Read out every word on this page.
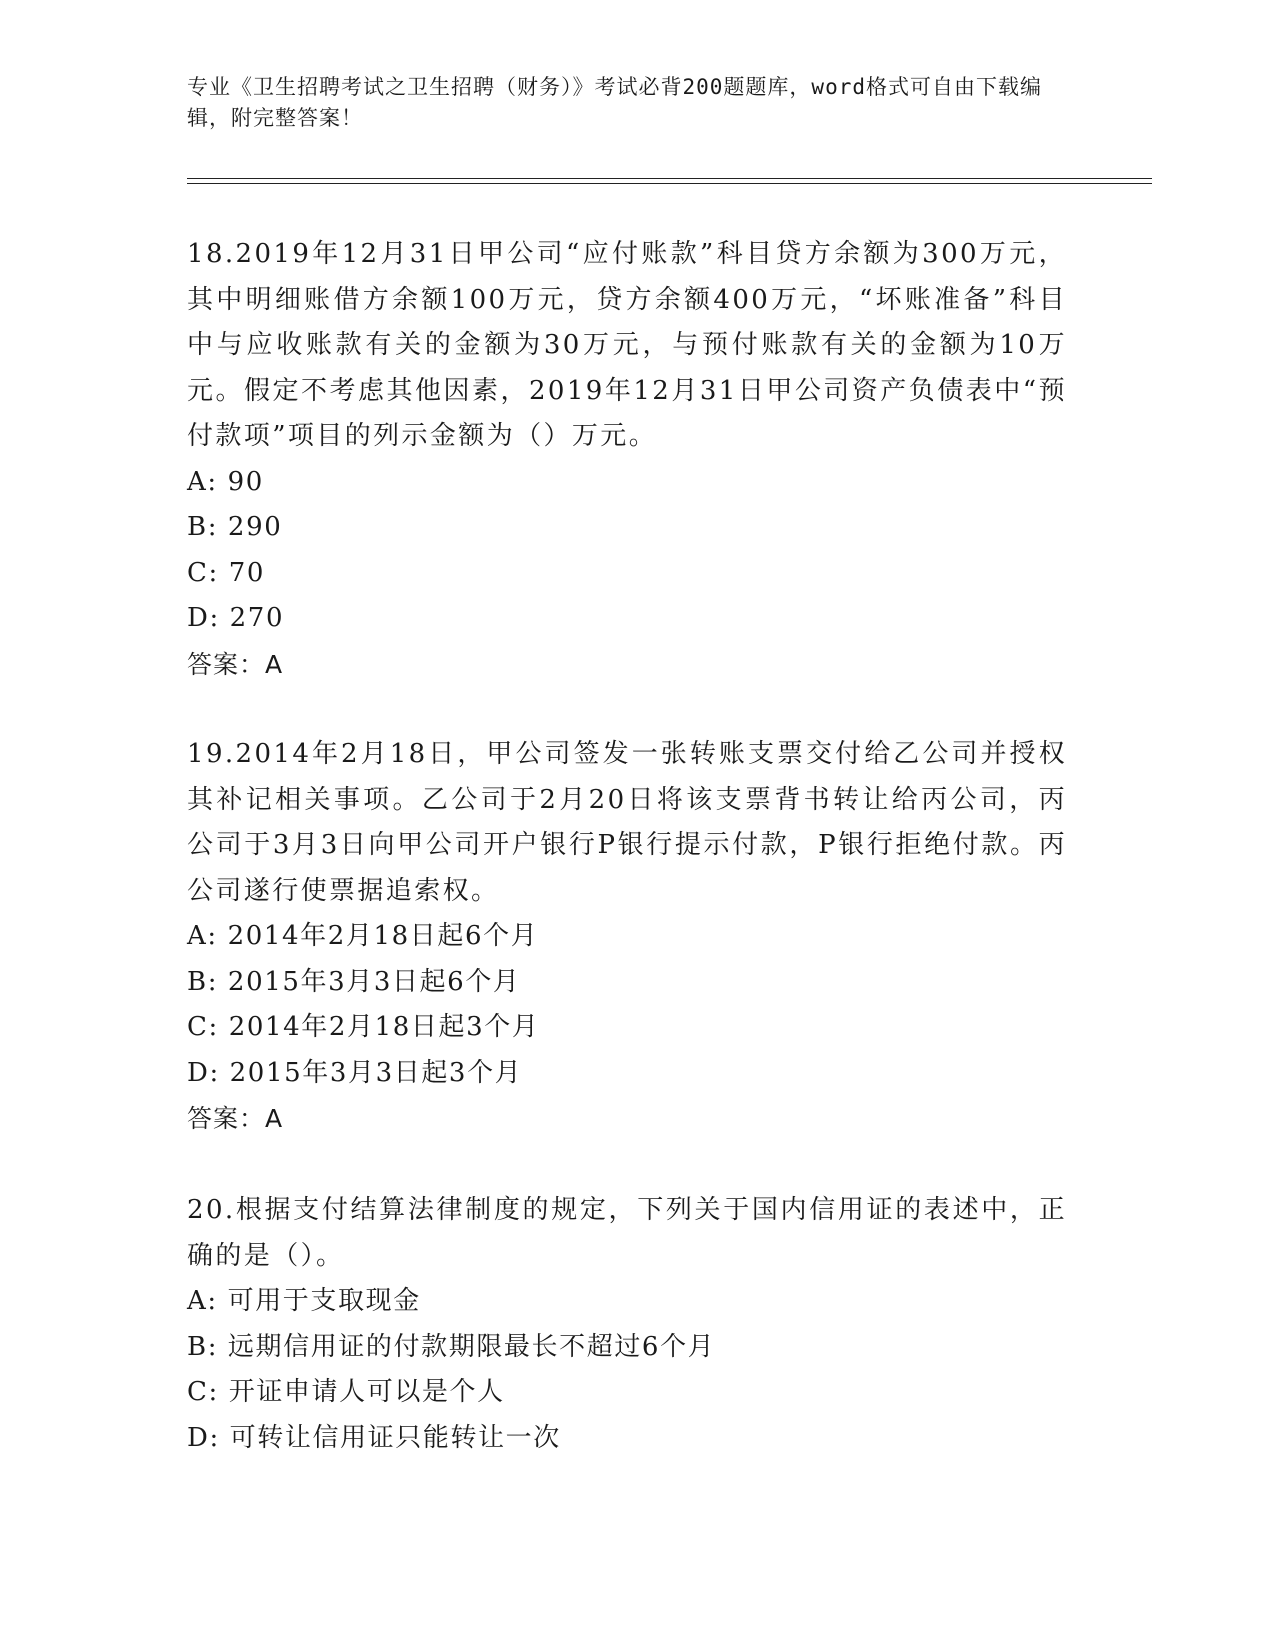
专业《卫生招聘考试之卫生招聘（财务）》考试必背200题题库，word格式可自由下载编辑，附完整答案！
18.2019年12月31日甲公司“应付账款”科目贷方余额为300万元，其中明细账借方余额100万元，贷方余额400万元，“坏账准备”科目中与应收账款有关的金额为30万元，与预付账款有关的金额为10万元。假定不考虑其他因素，2019年12月31日甲公司资产负债表中“预付款项”项目的列示金额为（）万元。
A: 90
B: 290
C: 70
D: 270
答案：A
19.2014年2月18日，甲公司签发一张转账支票交付给乙公司并授权其补记相关事项。乙公司于2月20日将该支票背书转让给丙公司，丙公司于3月3日向甲公司开户银行P银行提示付款，P银行拒绝付款。丙公司遂行使票据追索权。
A: 2014年2月18日起6个月
B: 2015年3月3日起6个月
C: 2014年2月18日起3个月
D: 2015年3月3日起3个月
答案：A
20.根据支付结算法律制度的规定，下列关于国内信用证的表述中，正确的是（）。
A: 可用于支取现金
B: 远期信用证的付款期限最长不超过6个月
C: 开证申请人可以是个人
D: 可转让信用证只能转让一次
